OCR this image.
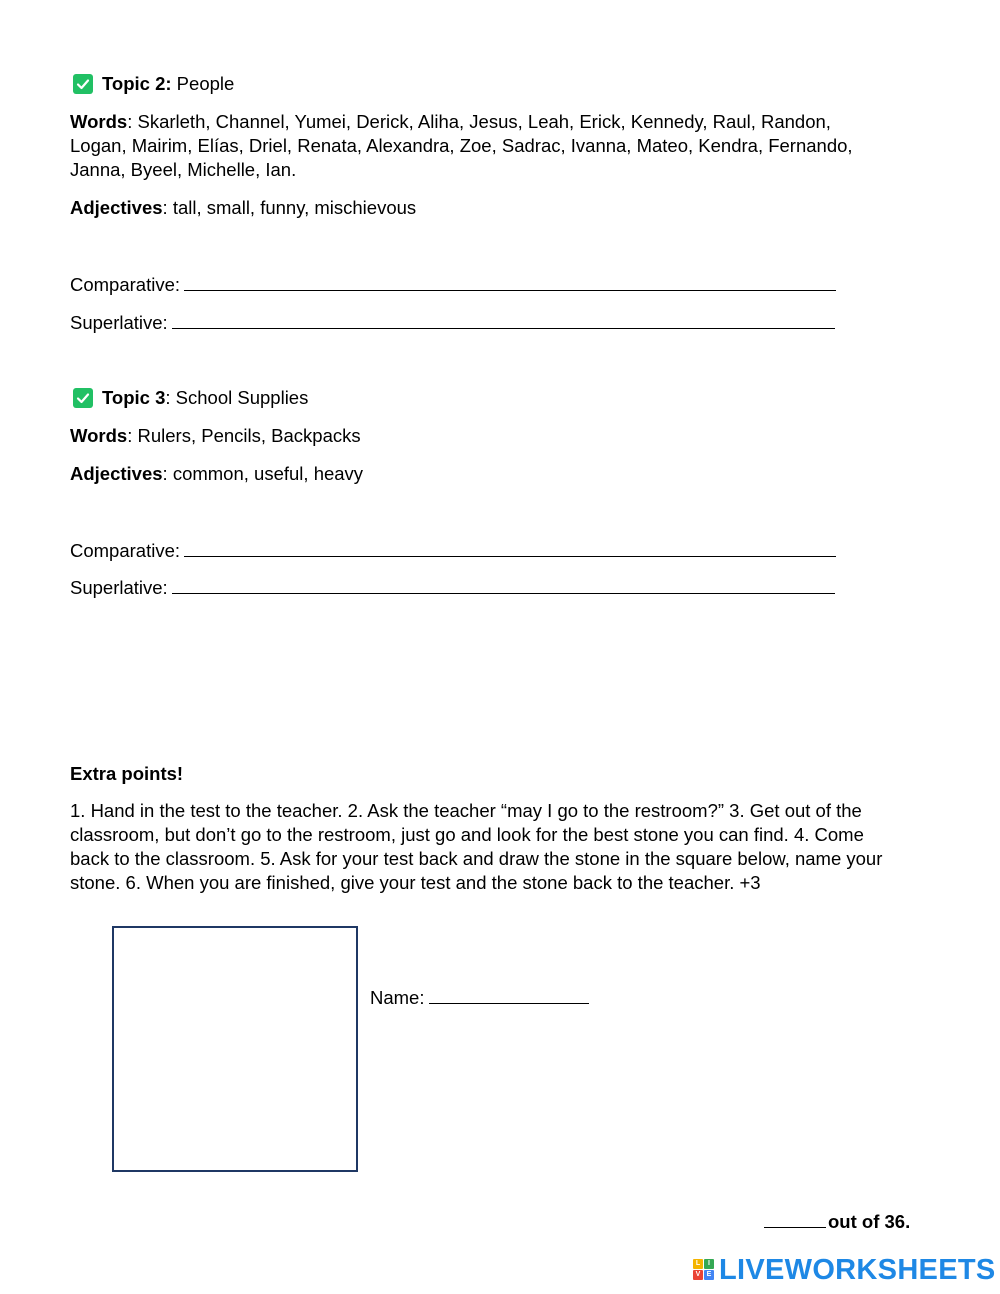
Topic 2: People
Words: Skarleth, Channel, Yumei, Derick, Aliha, Jesus, Leah, Erick, Kennedy, Raul, Randon,
Logan, Mairim, Elías, Driel, Renata, Alexandra, Zoe, Sadrac, Ivanna, Mateo, Kendra, Fernando,
Janna, Byeel, Michelle, Ian.
Adjectives: tall, small, funny, mischievous
Comparative:
Superlative:
Topic 3: School Supplies
Words: Rulers, Pencils, Backpacks
Adjectives: common, useful, heavy
Comparative:
Superlative:
Extra points!
1. Hand in the test to the teacher. 2. Ask the teacher “may I go to the restroom?” 3. Get out of the
classroom, but don’t go to the restroom, just go and look for the best stone you can find. 4. Come
back to the classroom. 5. Ask for your test back and draw the stone in the square below, name your
stone. 6. When you are finished, give your test and the stone back to the teacher. +3
Name:
out of 36.
L	I
V E LIVEWORKSHEETS
